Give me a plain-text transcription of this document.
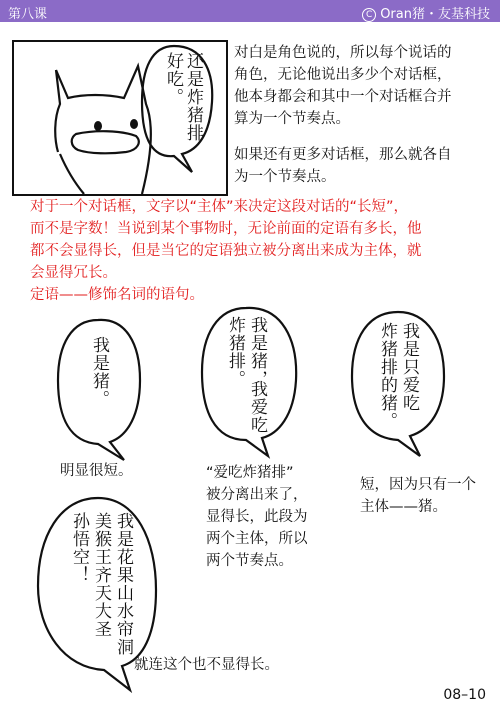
第八课	C Oran猪・友基科技
还是炸猪排
好吃。	对白是角色说的，所以每个说话的
角色，无论他说出多少个对话框，
他本身都会和其中一个对话框合并
算为一个节奏点。
如果还有更多对话框，那么就各自
为一个节奏点。
对于一个对话框，文字以“主体”来决定这段对话的“长短”，
而不是字数！当说到某个事物时，无论前面的定语有多长，他
都不会显得长，但是当它的定语独立被分离出来成为主体，就
会显得冗长。
定语——修饰名词的语句。
我是猪。
明显很短。
我是猪，
炸猪排。
我爱吃
“爱吃炸猪排”
被分离出来了，
显得长，此段为
两个主体，所以
两个节奏点。
我是只爱吃
炸猪排的猪。
短，因为只有一个
主体——猪。
我是花果山水帘洞
美猴王齐天大圣
孙悟空！
就连这个也不显得长。
08–10
